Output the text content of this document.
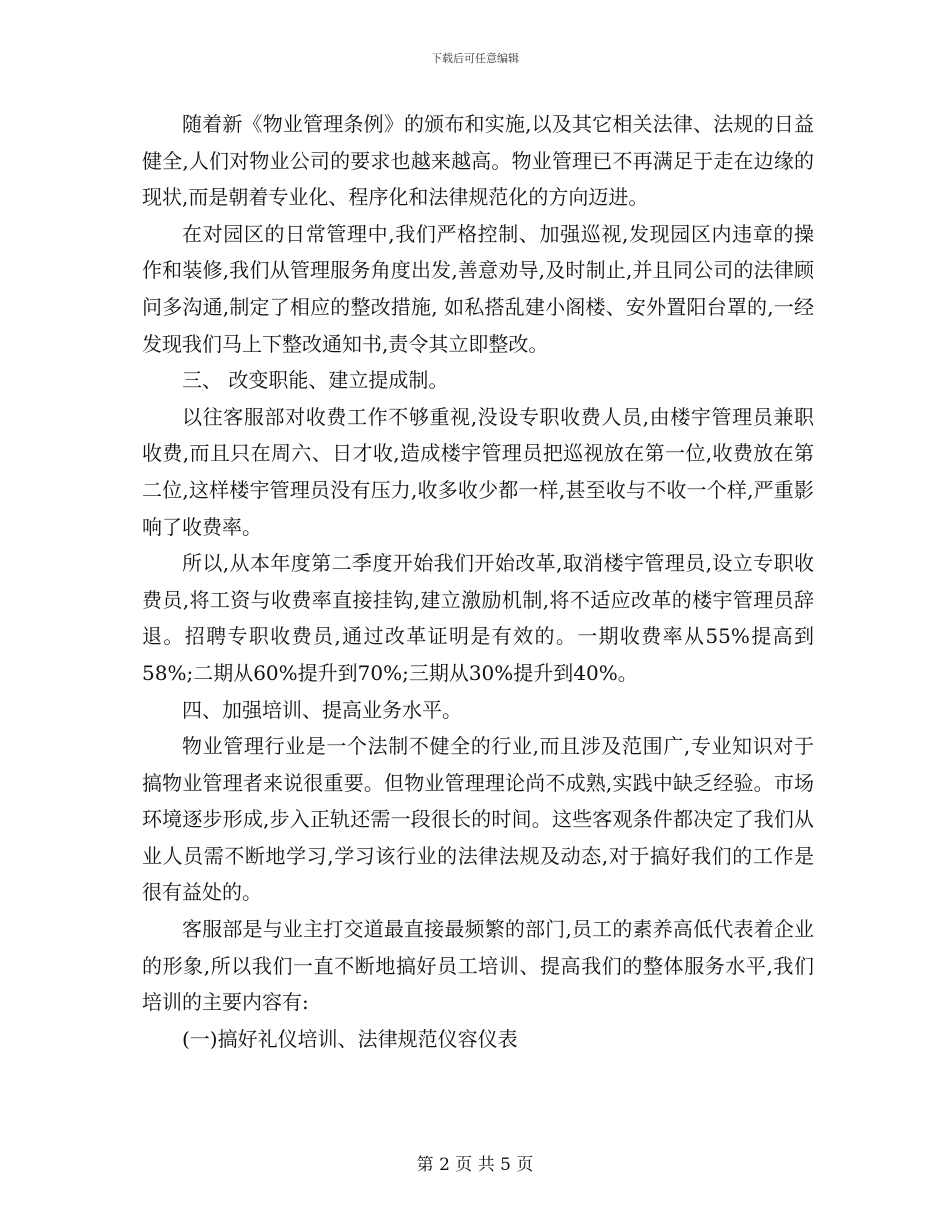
下载后可任意编辑

随着新《物业管理条例》的颁布和实施,以及其它相关法律、法规的日益健全,人们对物业公司的要求也越来越高。物业管理已不再满足于走在边缘的现状,而是朝着专业化、程序化和法律规范化的方向迈进。

在对园区的日常管理中,我们严格控制、加强巡视,发现园区内违章的操作和装修,我们从管理服务角度出发,善意劝导,及时制止,并且同公司的法律顾问多沟通,制定了相应的整改措施, 如私搭乱建小阁楼、安外置阳台罩的,一经发现我们马上下整改通知书,责令其立即整改。

三、 改变职能、建立提成制。

以往客服部对收费工作不够重视,没设专职收费人员,由楼宇管理员兼职收费,而且只在周六、日才收,造成楼宇管理员把巡视放在第一位,收费放在第二位,这样楼宇管理员没有压力,收多收少都一样,甚至收与不收一个样,严重影响了收费率。

所以,从本年度第二季度开始我们开始改革,取消楼宇管理员,设立专职收费员,将工资与收费率直接挂钩,建立激励机制,将不适应改革的楼宇管理员辞退。招聘专职收费员,通过改革证明是有效的。一期收费率从55%提高到58%;二期从60%提升到70%;三期从30%提升到40%。

四、加强培训、提高业务水平。

物业管理行业是一个法制不健全的行业,而且涉及范围广,专业知识对于搞物业管理者来说很重要。但物业管理理论尚不成熟,实践中缺乏经验。市场环境逐步形成,步入正轨还需一段很长的时间。这些客观条件都决定了我们从业人员需不断地学习,学习该行业的法律法规及动态,对于搞好我们的工作是很有益处的。

客服部是与业主打交道最直接最频繁的部门,员工的素养高低代表着企业的形象,所以我们一直不断地搞好员工培训、提高我们的整体服务水平,我们培训的主要内容有:

(一)搞好礼仪培训、法律规范仪容仪表

第 2 页 共 5 页
